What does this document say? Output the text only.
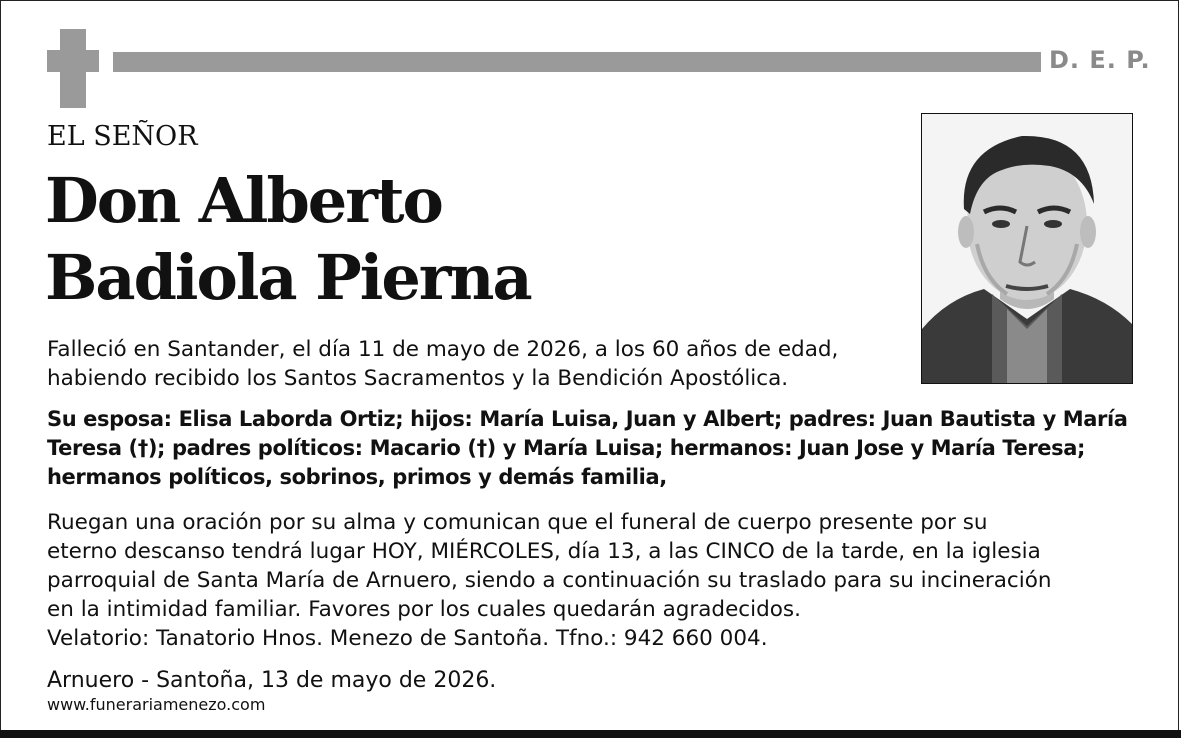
D. E. P.
EL SEÑOR
Don Alberto
Badiola Pierna
Falleció en Santander, el día 11 de mayo de 2026, a los 60 años de edad,
habiendo recibido los Santos Sacramentos y la Bendición Apostólica.
Su esposa: Elisa Laborda Ortiz; hijos: María Luisa, Juan y Albert; padres: Juan Bautista y María
Teresa (†); padres políticos: Macario (†) y María Luisa; hermanos: Juan Jose y María Teresa;
hermanos políticos, sobrinos, primos y demás familia,
Ruegan una oración por su alma y comunican que el funeral de cuerpo presente por su
eterno descanso tendrá lugar HOY, MIÉRCOLES, día 13, a las CINCO de la tarde, en la iglesia
parroquial de Santa María de Arnuero, siendo a continuación su traslado para su incineración
en la intimidad familiar. Favores por los cuales quedarán agradecidos.
Velatorio: Tanatorio Hnos. Menezo de Santoña. Tfno.: 942 660 004.
Arnuero - Santoña, 13 de mayo de 2026.
www.funerariamenezo.com
